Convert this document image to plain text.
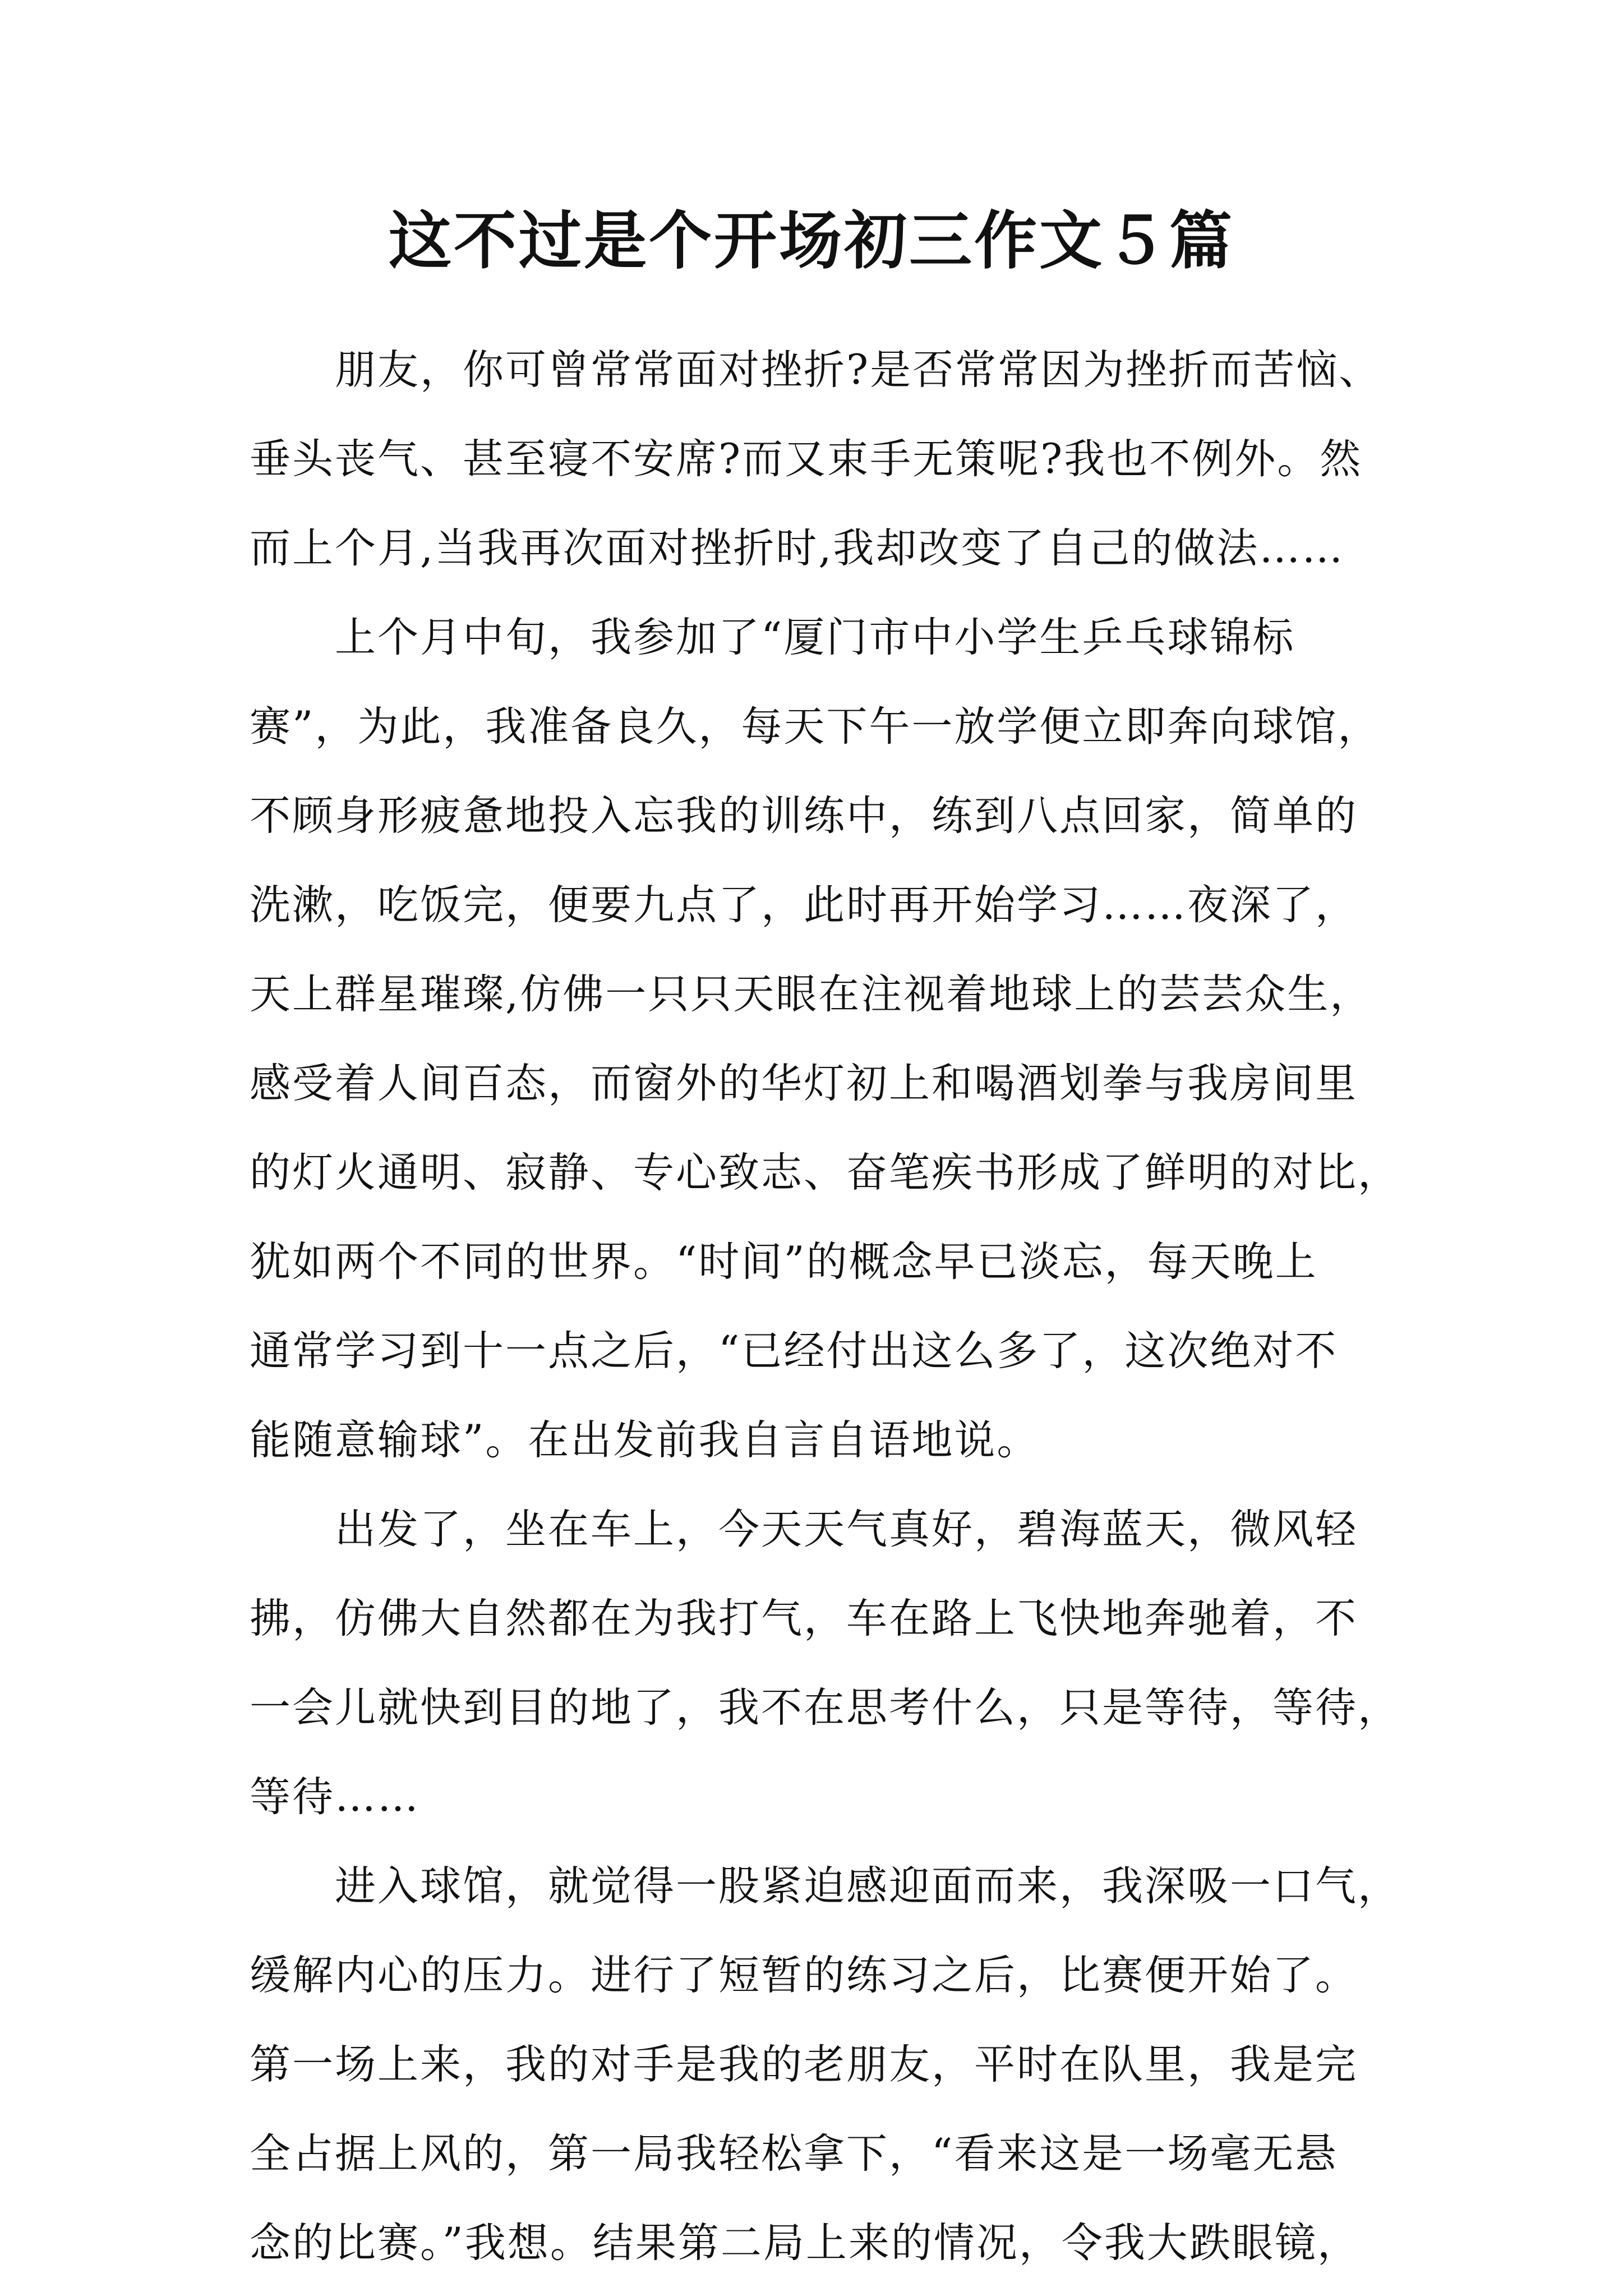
这不过是个开场初三作文５篇
朋友，你可曾常常面对挫折?是否常常因为挫折而苦恼、
垂头丧气、甚至寝不安席?而又束手无策呢?我也不例外。然
而上个月,当我再次面对挫折时,我却改变了自己的做法……
上个月中旬，我参加了“厦门市中小学生乒乓球锦标
赛”，为此，我准备良久，每天下午一放学便立即奔向球馆，
不顾身形疲惫地投入忘我的训练中，练到八点回家，简单的
洗漱，吃饭完，便要九点了，此时再开始学习……夜深了，
天上群星璀璨,仿佛一只只天眼在注视着地球上的芸芸众生，
感受着人间百态，而窗外的华灯初上和喝酒划拳与我房间里
的灯火通明、寂静、专心致志、奋笔疾书形成了鲜明的对比，
犹如两个不同的世界。“时间”的概念早已淡忘，每天晚上
通常学习到十一点之后，“已经付出这么多了，这次绝对不
能随意输球”。在出发前我自言自语地说。
出发了，坐在车上，今天天气真好，碧海蓝天，微风轻
拂，仿佛大自然都在为我打气，车在路上飞快地奔驰着，不
一会儿就快到目的地了，我不在思考什么，只是等待，等待，
等待……
进入球馆，就觉得一股紧迫感迎面而来，我深吸一口气，
缓解内心的压力。进行了短暂的练习之后，比赛便开始了。
第一场上来，我的对手是我的老朋友，平时在队里，我是完
全占据上风的，第一局我轻松拿下，“看来这是一场毫无悬
念的比赛。”我想。结果第二局上来的情况，令我大跌眼镜，
